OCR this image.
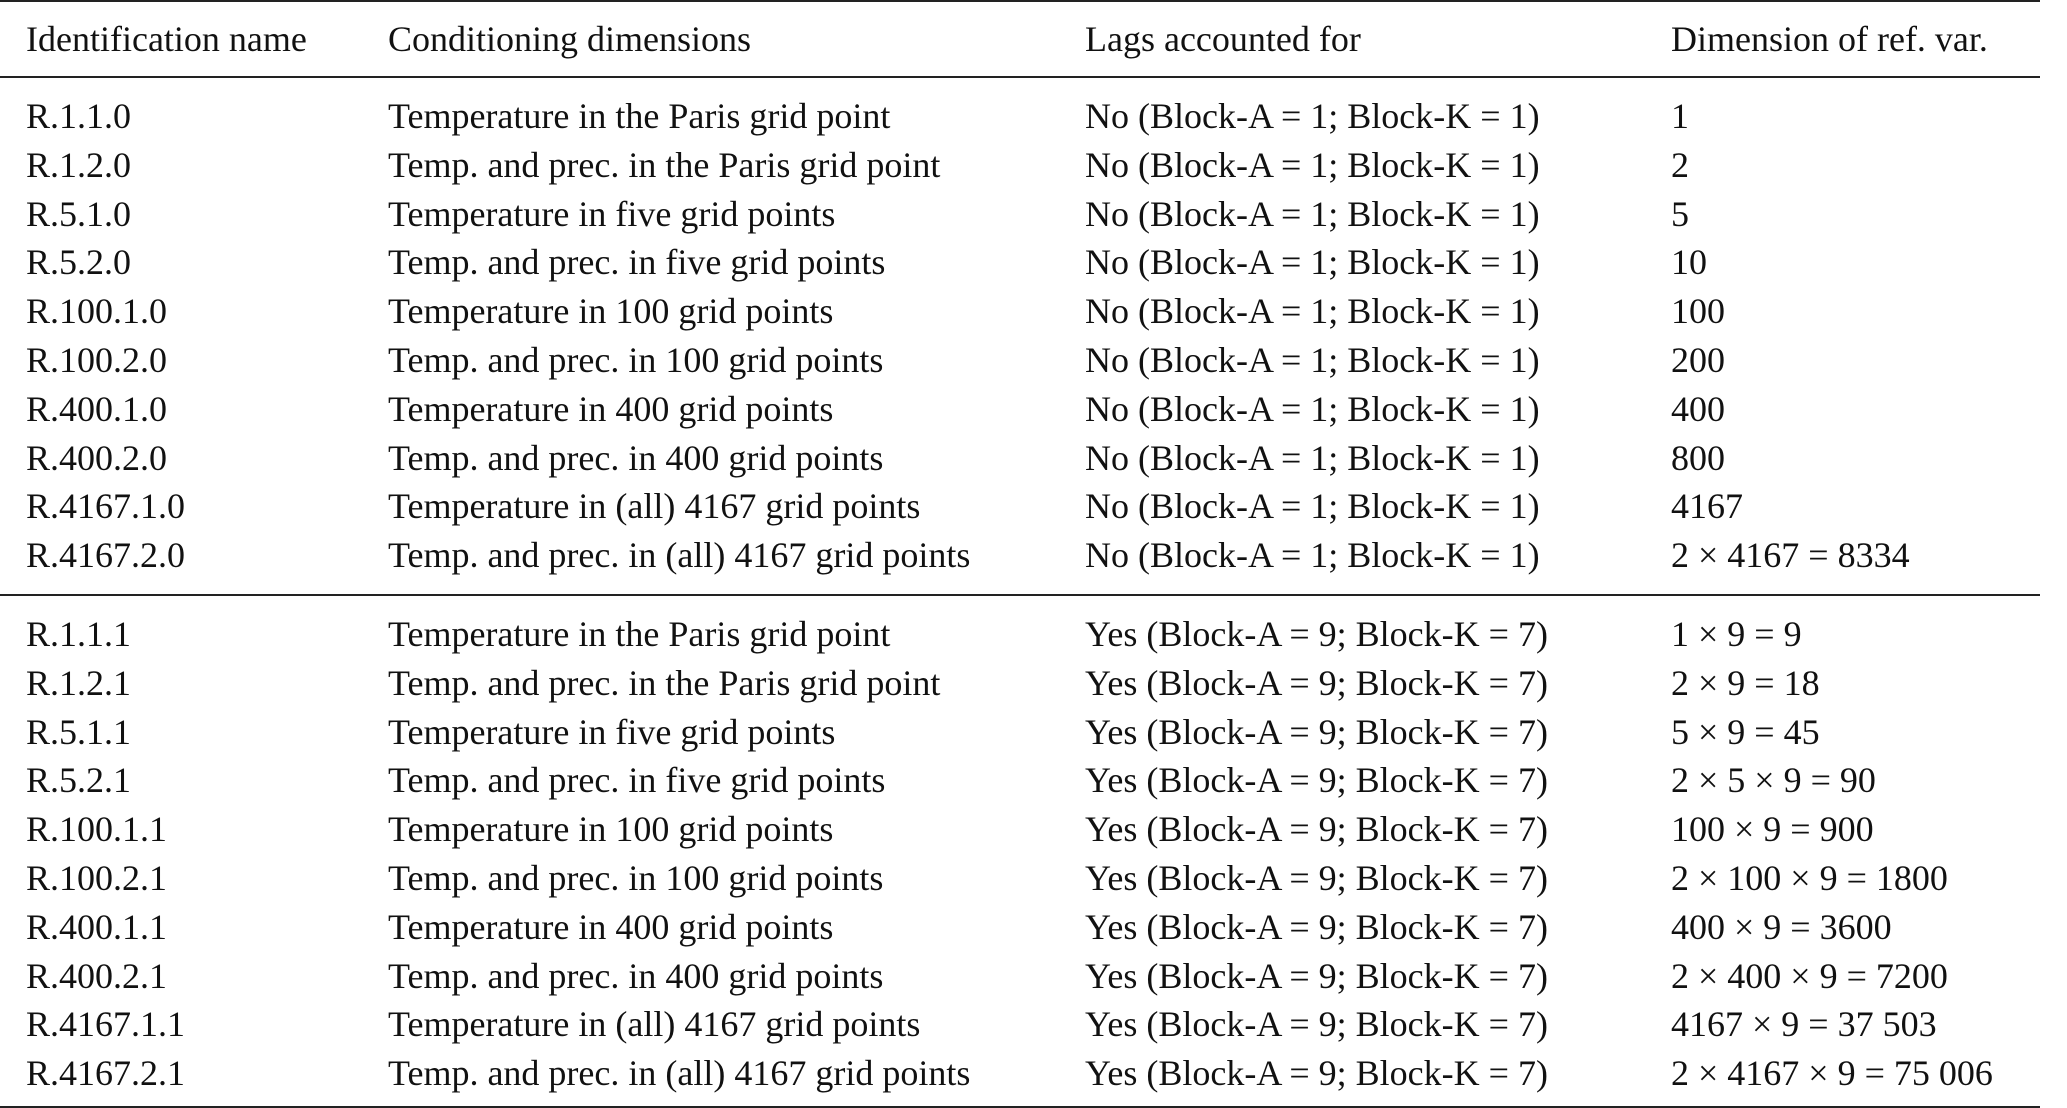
Identification name	Conditioning dimensions	Lags accounted for	Dimension of ref. var.
R.1.1.0	Temperature in the Paris grid point	No (Block-A = 1; Block-K = 1)	1
R.1.2.0	Temp. and prec. in the Paris grid point	No (Block-A = 1; Block-K = 1)	2
R.5.1.0	Temperature in five grid points	No (Block-A = 1; Block-K = 1)	5
R.5.2.0	Temp. and prec. in five grid points	No (Block-A = 1; Block-K = 1)	10
R.100.1.0	Temperature in 100 grid points	No (Block-A = 1; Block-K = 1)	100
R.100.2.0	Temp. and prec. in 100 grid points	No (Block-A = 1; Block-K = 1)	200
R.400.1.0	Temperature in 400 grid points	No (Block-A = 1; Block-K = 1)	400
R.400.2.0	Temp. and prec. in 400 grid points	No (Block-A = 1; Block-K = 1)	800
R.4167.1.0	Temperature in (all) 4167 grid points	No (Block-A = 1; Block-K = 1)	4167
R.4167.2.0	Temp. and prec. in (all) 4167 grid points	No (Block-A = 1; Block-K = 1)	2 × 4167 = 8334
R.1.1.1	Temperature in the Paris grid point	Yes (Block-A = 9; Block-K = 7)	1 × 9 = 9
R.1.2.1	Temp. and prec. in the Paris grid point	Yes (Block-A = 9; Block-K = 7)	2 × 9 = 18
R.5.1.1	Temperature in five grid points	Yes (Block-A = 9; Block-K = 7)	5 × 9 = 45
R.5.2.1	Temp. and prec. in five grid points	Yes (Block-A = 9; Block-K = 7)	2 × 5 × 9 = 90
R.100.1.1	Temperature in 100 grid points	Yes (Block-A = 9; Block-K = 7)	100 × 9 = 900
R.100.2.1	Temp. and prec. in 100 grid points	Yes (Block-A = 9; Block-K = 7)	2 × 100 × 9 = 1800
R.400.1.1	Temperature in 400 grid points	Yes (Block-A = 9; Block-K = 7)	400 × 9 = 3600
R.400.2.1	Temp. and prec. in 400 grid points	Yes (Block-A = 9; Block-K = 7)	2 × 400 × 9 = 7200
R.4167.1.1	Temperature in (all) 4167 grid points	Yes (Block-A = 9; Block-K = 7)	4167 × 9 = 37 503
R.4167.2.1	Temp. and prec. in (all) 4167 grid points	Yes (Block-A = 9; Block-K = 7)	2 × 4167 × 9 = 75 006
